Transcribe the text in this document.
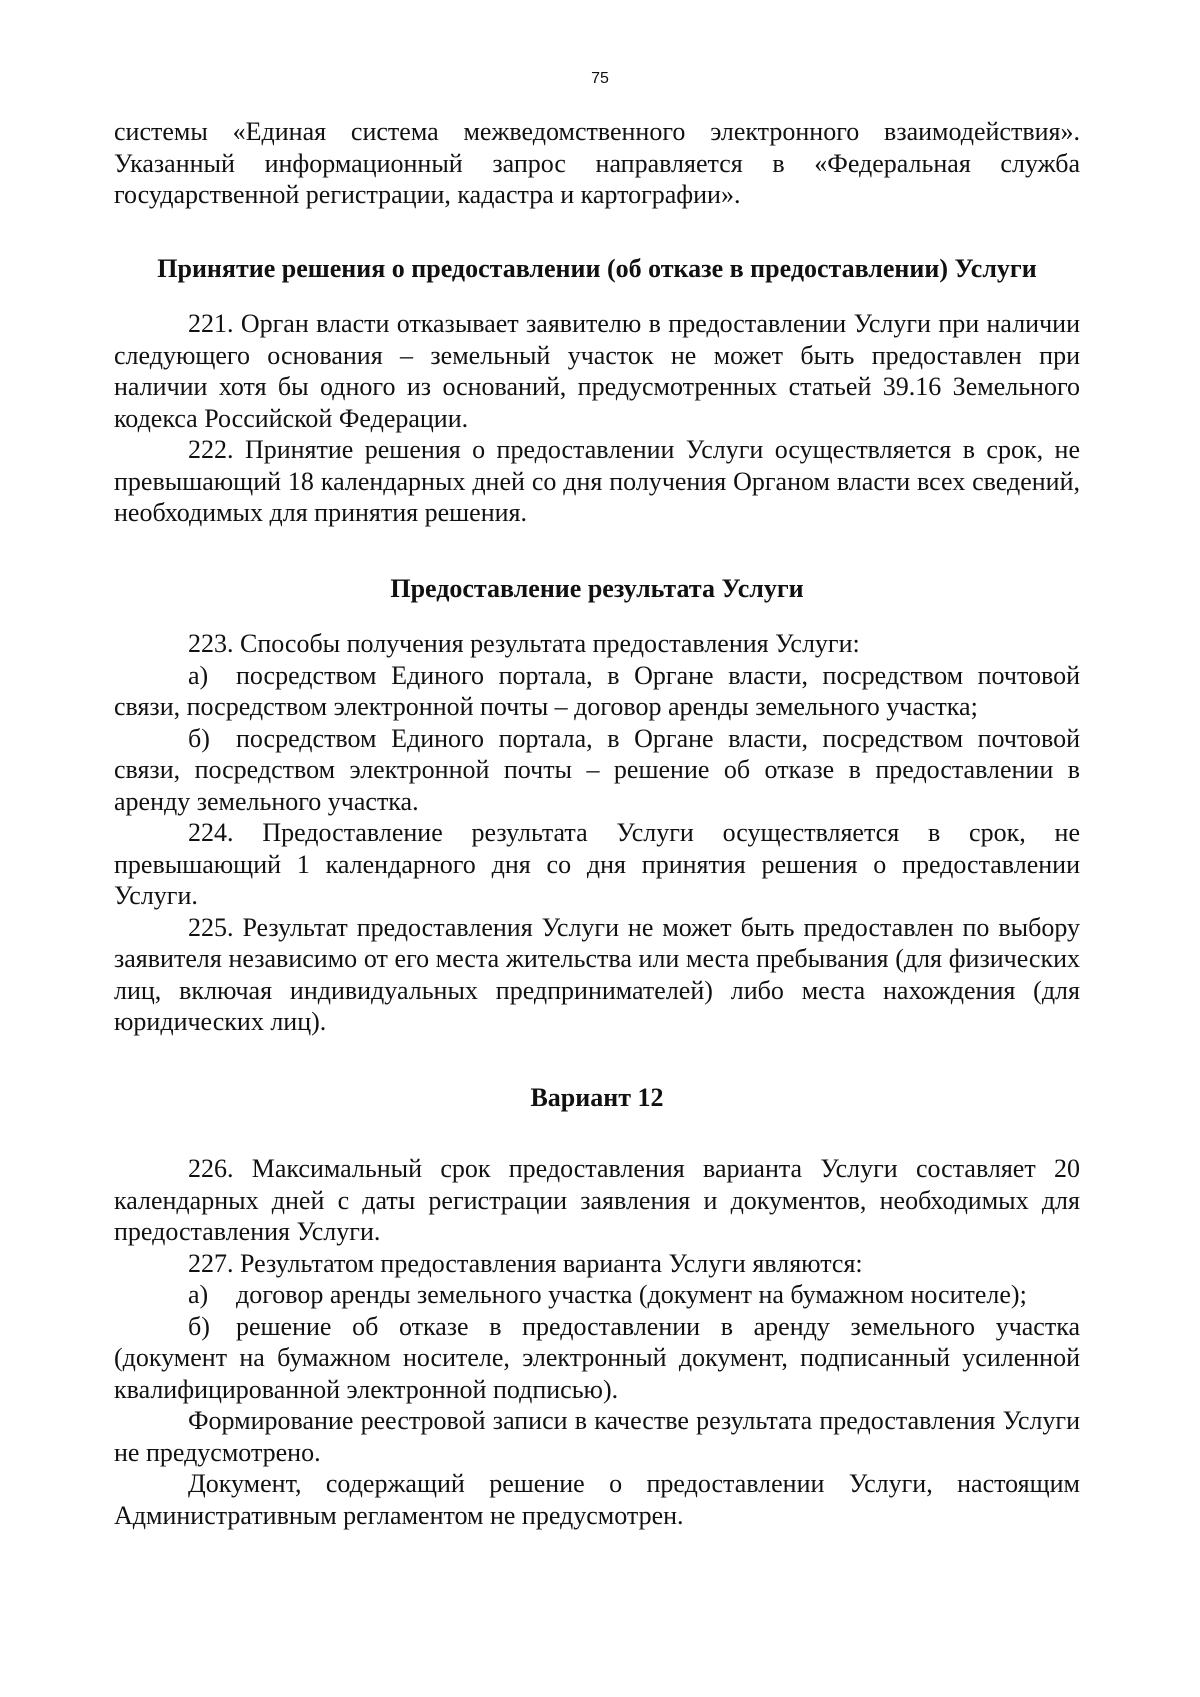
75

системы «Единая система межведомственного электронного взаимодействия». Указанный информационный запрос направляется в «Федеральная служба государственной регистрации, кадастра и картографии».

Принятие решения о предоставлении (об отказе в предоставлении) Услуги

221. Орган власти отказывает заявителю в предоставлении Услуги при наличии следующего основания – земельный участок не может быть предоставлен при наличии хотя бы одного из оснований, предусмотренных статьей 39.16 Земельного кодекса Российской Федерации.

222. Принятие решения о предоставлении Услуги осуществляется в срок, не превышающий 18 календарных дней со дня получения Органом власти всех сведений, необходимых для принятия решения.

Предоставление результата Услуги

223. Способы получения результата предоставления Услуги:

а) посредством Единого портала, в Органе власти, посредством почтовой связи, посредством электронной почты – договор аренды земельного участка;

б) посредством Единого портала, в Органе власти, посредством почтовой связи, посредством электронной почты – решение об отказе в предоставлении в аренду земельного участка.

224. Предоставление результата Услуги осуществляется в срок, не превышающий 1 календарного дня со дня принятия решения о предоставлении Услуги.

225. Результат предоставления Услуги не может быть предоставлен по выбору заявителя независимо от его места жительства или места пребывания (для физических лиц, включая индивидуальных предпринимателей) либо места нахождения (для юридических лиц).

Вариант 12

226. Максимальный срок предоставления варианта Услуги составляет 20 календарных дней с даты регистрации заявления и документов, необходимых для предоставления Услуги.

227. Результатом предоставления варианта Услуги являются:

а) договор аренды земельного участка (документ на бумажном носителе);

б) решение об отказе в предоставлении в аренду земельного участка (документ на бумажном носителе, электронный документ, подписанный усиленной квалифицированной электронной подписью).

Формирование реестровой записи в качестве результата предоставления Услуги не предусмотрено.

Документ, содержащий решение о предоставлении Услуги, настоящим Административным регламентом не предусмотрен.
